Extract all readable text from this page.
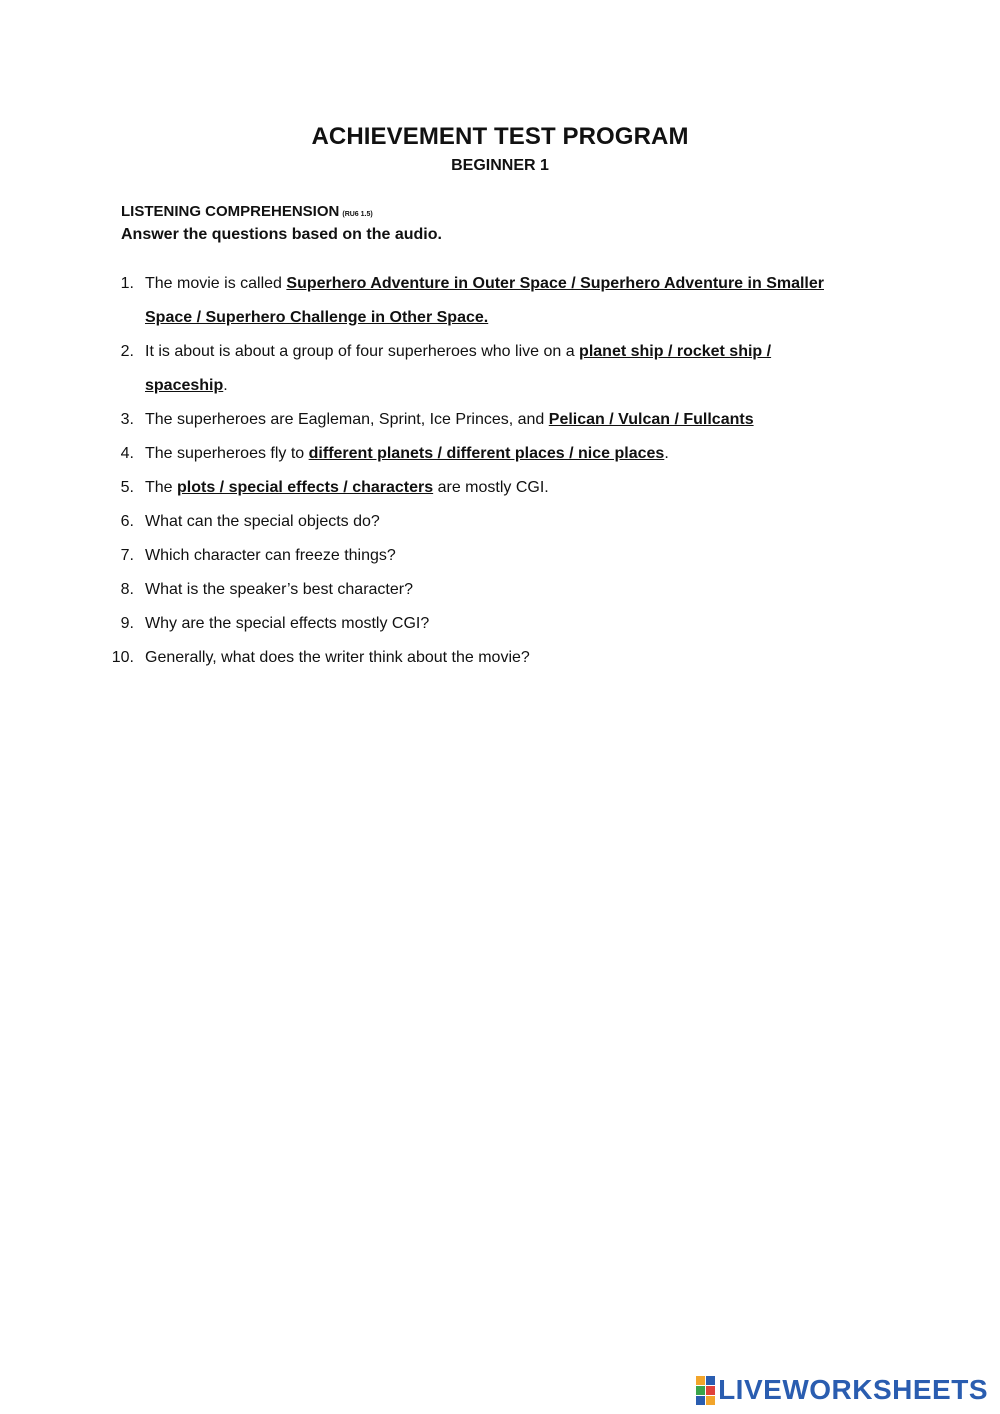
ACHIEVEMENT TEST PROGRAM
BEGINNER 1
LISTENING COMPREHENSION (RU6 1.5)
Answer the questions based on the audio.
1. The movie is called Superhero Adventure in Outer Space / Superhero Adventure in Smaller Space / Superhero Challenge in Other Space.
2. It is about is about a group of four superheroes who live on a planet ship / rocket ship / spaceship.
3. The superheroes are Eagleman, Sprint, Ice Princes, and Pelican / Vulcan / Fullcants
4. The superheroes fly to different planets / different places / nice places.
5. The plots / special effects / characters are mostly CGI.
6. What can the special objects do?
7. Which character can freeze things?
8. What is the speaker’s best character?
9. Why are the special effects mostly CGI?
10. Generally, what does the writer think about the movie?
LIVEWORKSHEETS
